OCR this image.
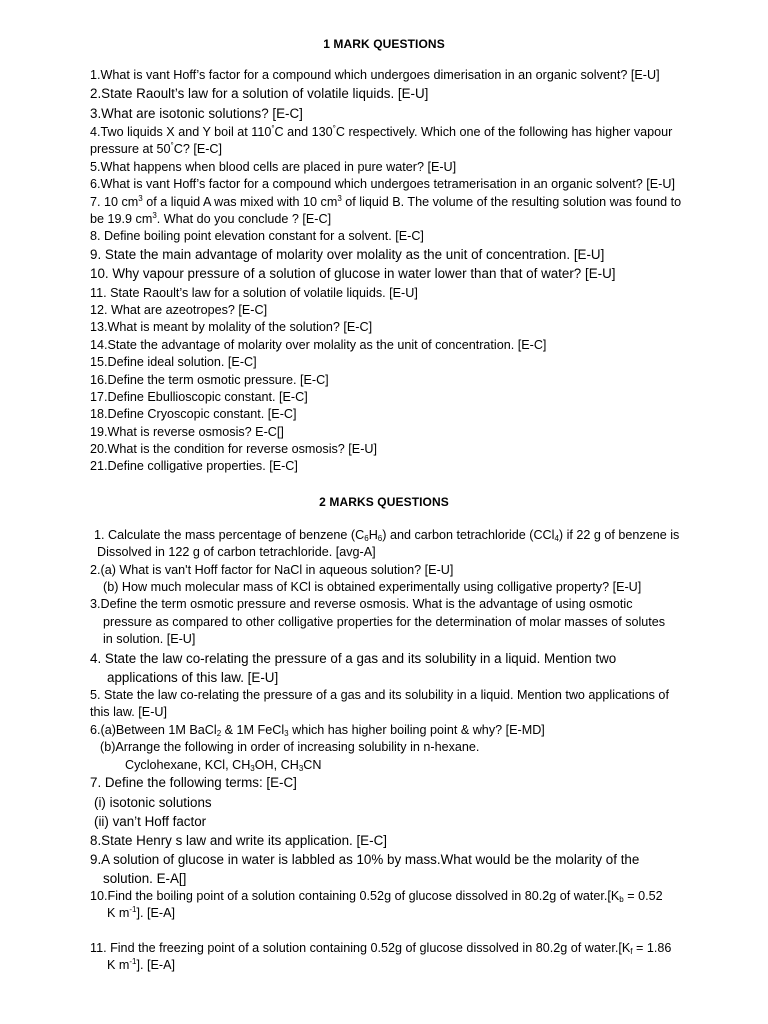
1 MARK QUESTIONS
1.What is vant Hoff’s factor for a compound which undergoes dimerisation in an organic solvent? [E-U]
2.State Raoult’s law for a solution of volatile liquids. [E-U]
3.What are isotonic solutions? [E-C]
4.Two liquids X and Y boil at 110°C and 130°C respectively. Which one of the following has higher vapour
pressure at 50°C? [E-C]
5.What happens when blood cells are placed in pure water? [E-U]
6.What is vant Hoff’s factor for a compound which undergoes tetramerisation in an organic solvent? [E-U]
7. 10 $cm^3$ of a liquid A was mixed with 10 $cm^3$ of liquid B. The volume of the resulting solution was found to
be 19.9 $cm^3$. What do you conclude ? [E-C]
8. Define boiling point elevation constant for a solvent. [E-C]
9. State the main advantage of molarity over molality as the unit of concentration. [E-U]
10. Why vapour pressure of a solution of glucose in water lower than that of water? [E-U]
11. State Raoult’s law for a solution of volatile liquids. [E-U]
12. What are azeotropes? [E-C]
13.What is meant by molality of the solution? [E-C]
14.State the advantage of molarity over molality as the unit of concentration. [E-C]
15.Define ideal solution. [E-C]
16.Define the term osmotic pressure. [E-C]
17.Define Ebullioscopic constant. [E-C]
18.Define Cryoscopic constant. [E-C]
19.What is reverse osmosis? E-C[]
20.What is the condition for reverse osmosis? [E-U]
21.Define colligative properties. [E-C]
2 MARKS QUESTIONS
1. Calculate the mass percentage of benzene $(C_6H_6)$ and carbon tetrachloride (CCl$_4$) if 22 g of benzene is
Dissolved in 122 g of carbon tetrachloride. [avg-A]
2.(a) What is van't Hoff factor for NaCl in aqueous solution? [E-U]
(b) How much molecular mass of KCl is obtained experimentally using colligative property? [E-U]
3.Define the term osmotic pressure and reverse osmosis. What is the advantage of using osmotic
pressure as compared to other colligative properties for the determination of molar masses of solutes
in solution. [E-U]
4. State the law co-relating the pressure of a gas and its solubility in a liquid. Mention two
applications of this law. [E-U]
5. State the law co-relating the pressure of a gas and its solubility in a liquid. Mention two applications of
this law. [E-U]
6.(a)Between 1M BaCl$_2$ & 1M FeCl$_3$ which has higher boiling point & why? [E-MD]
(b)Arrange the following in order of increasing solubility in n-hexane.
Cyclohexane, KCl, $CH_3OH$, $CH_3CN$
7. Define the following terms: [E-C]
(i) isotonic solutions
(ii) van’t Hoff factor
8.State Henry s law and write its application. [E-C]
9.A solution of glucose in water is labbled as 10% by mass.What would be the molarity of the
solution. E-A[]
10.Find the boiling point of a solution containing 0.52g of glucose dissolved in 80.2g of $water.[K_b = 0.52$
K $m^{-1}$]. [E-A]
11. Find the freezing point of a solution containing 0.52g of glucose dissolved in 80.2g of $water.[K_f = 1.86$
K $m^{-1}$]. [E-A]
